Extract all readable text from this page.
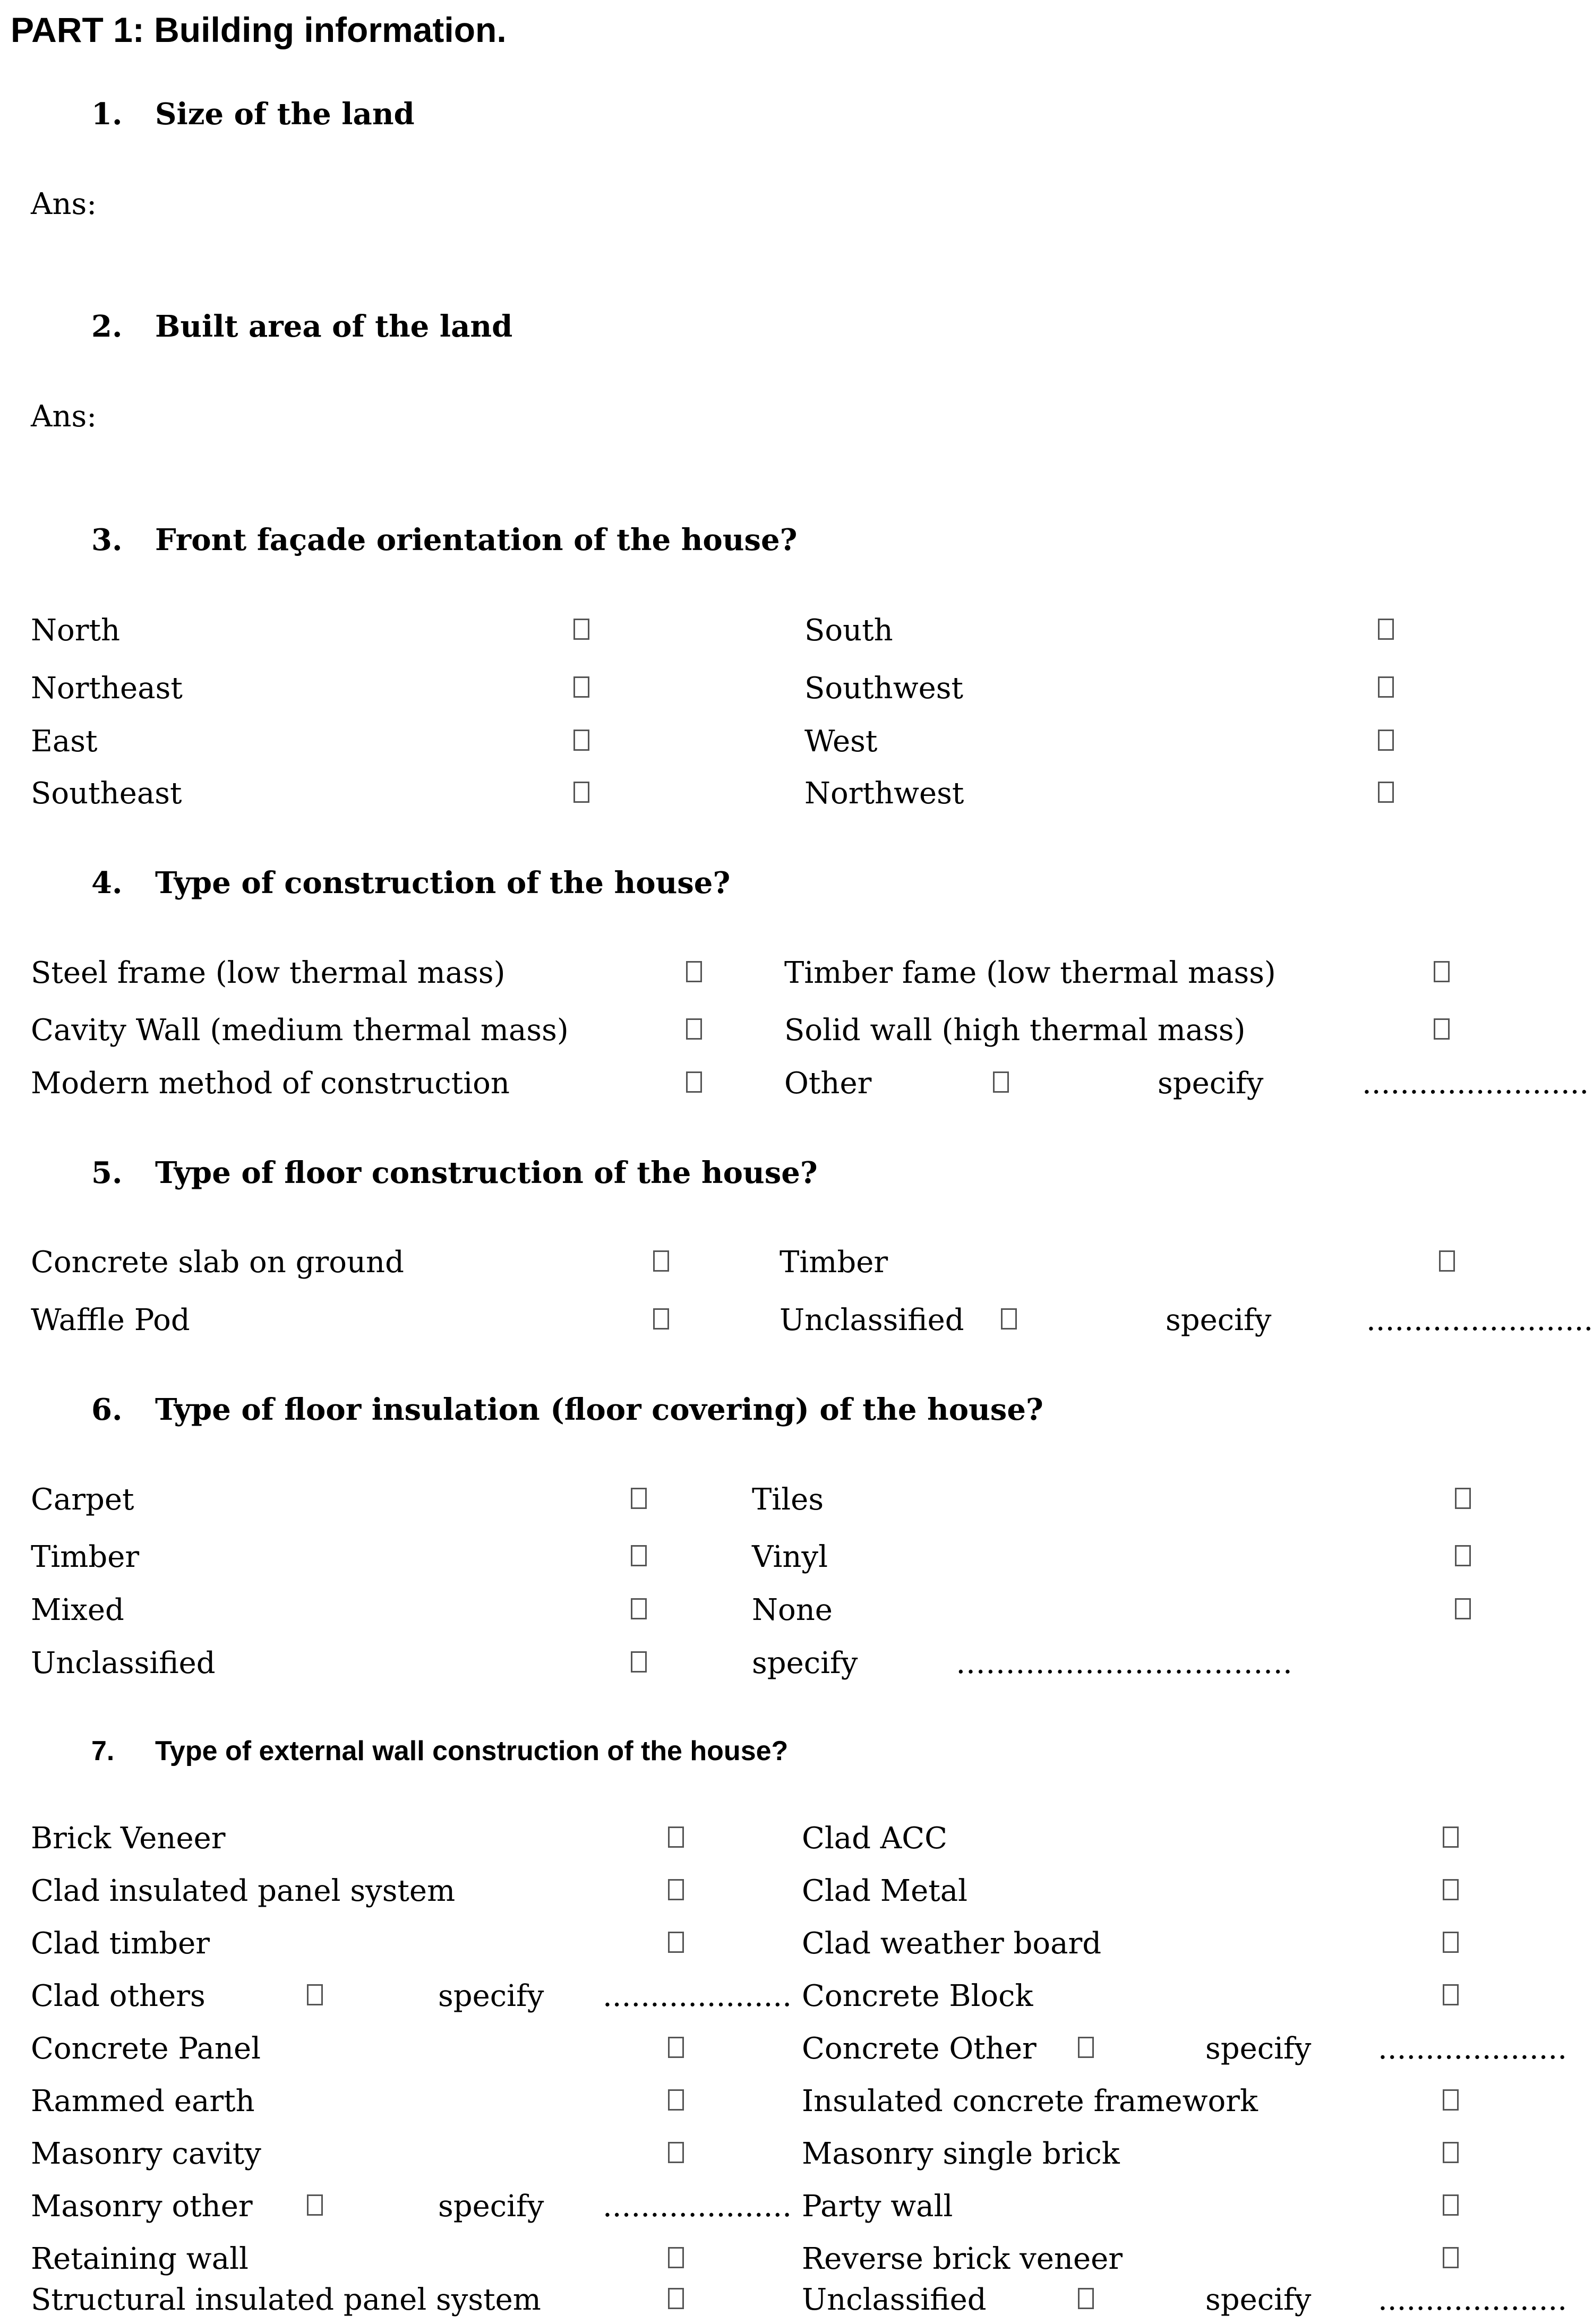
PART 1: Building information.
1. Size of the land
Ans:
2. Built area of the land
Ans:
3. Front façade orientation of the house?
North	South
Northeast	Southwest
East	West
Southeast	Northwest
4. Type of construction of the house?
Steel frame (low thermal mass)	Timber fame (low thermal mass)
Cavity Wall (medium thermal mass)	Solid wall (high thermal mass)
Modern method of construction	Other	specify	........................
5. Type of floor construction of the house?
Concrete slab on ground	Timber
Waffle Pod	Unclassified	specify	........................
6. Type of floor insulation (floor covering) of the house?
Carpet	Tiles
Timber	Vinyl
Mixed	None
Unclassified	specify	…………………………….
7. Type of external wall construction of the house?
Brick Veneer	Clad ACC
Clad insulated panel system	Clad Metal
Clad timber	Clad weather board
Clad others	specify .................... Concrete Block
Concrete Panel	Concrete Other	specify ....................
Rammed earth	Insulated concrete framework
Masonry cavity	Masonry single brick
Masonry other	specify .................... Party wall
Retaining wall	Reverse brick veneer
Structural insulated panel system	Unclassified	specify ....................
